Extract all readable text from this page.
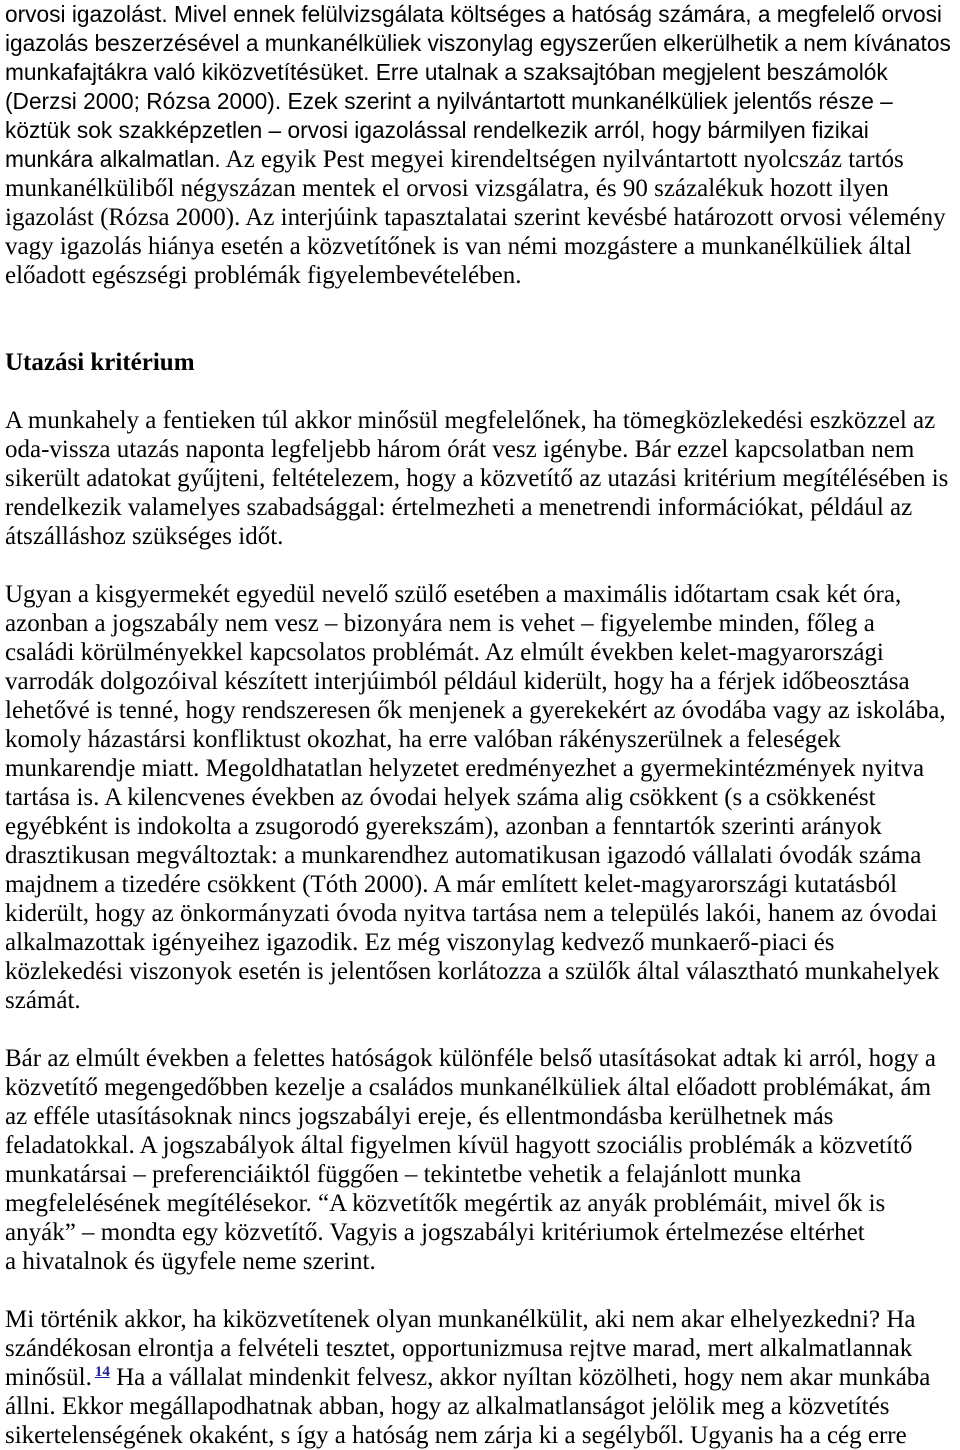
orvosi igazolást. Mivel ennek felülvizsgálata költséges a hatóság számára, a megfelelő orvosi
igazolás beszerzésével a munkanélküliek viszonylag egyszerűen elkerülhetik a nem kívánatos
munkafajtákra való kiközvetítésüket. Erre utalnak a szaksajtóban megjelent beszámolók
(Derzsi 2000; Rózsa 2000). Ezek szerint a nyilvántartott munkanélküliek jelentős része –
köztük sok szakképzetlen – orvosi igazolással rendelkezik arról, hogy bármilyen fizikai
munkára alkalmatlan. Az egyik Pest megyei kirendeltségen nyilvántartott nyolcszáz tartós
munkanélküliből négyszázan mentek el orvosi vizsgálatra, és 90 százalékuk hozott ilyen
igazolást (Rózsa 2000). Az interjúink tapasztalatai szerint kevésbé határozott orvosi vélemény
vagy igazolás hiánya esetén a közvetítőnek is van némi mozgástere a munkanélküliek által
előadott egészségi problémák figyelembevételében.
Utazási kritérium
A munkahely a fentieken túl akkor minősül megfelelőnek, ha tömegközlekedési eszközzel az
oda-vissza utazás naponta legfeljebb három órát vesz igénybe. Bár ezzel kapcsolatban nem
sikerült adatokat gyűjteni, feltételezem, hogy a közvetítő az utazási kritérium megítélésében is
rendelkezik valamelyes szabadsággal: értelmezheti a menetrendi információkat, például az
átszálláshoz szükséges időt.
Ugyan a kisgyermekét egyedül nevelő szülő esetében a maximális időtartam csak két óra,
azonban a jogszabály nem vesz – bizonyára nem is vehet – figyelembe minden, főleg a
családi körülményekkel kapcsolatos problémát. Az elmúlt években kelet-magyarországi
varrodák dolgozóival készített interjúimból például kiderült, hogy ha a férjek időbeosztása
lehetővé is tenné, hogy rendszeresen ők menjenek a gyerekekért az óvodába vagy az iskolába,
komoly házastársi konfliktust okozhat, ha erre valóban rákényszerülnek a feleségek
munkarendje miatt. Megoldhatatlan helyzetet eredményezhet a gyermekintézmények nyitva
tartása is. A kilencvenes években az óvodai helyek száma alig csökkent (s a csökkenést
egyébként is indokolta a zsugorodó gyerekszám), azonban a fenntartók szerinti arányok
drasztikusan megváltoztak: a munkarendhez automatikusan igazodó vállalati óvodák száma
majdnem a tizedére csökkent (Tóth 2000). A már említett kelet-magyarországi kutatásból
kiderült, hogy az önkormányzati óvoda nyitva tartása nem a település lakói, hanem az óvodai
alkalmazottak igényeihez igazodik. Ez még viszonylag kedvező munkaerő-piaci és
közlekedési viszonyok esetén is jelentősen korlátozza a szülők által választható munkahelyek
számát.
Bár az elmúlt években a felettes hatóságok különféle belső utasításokat adtak ki arról, hogy a
közvetítő megengedőbben kezelje a családos munkanélküliek által előadott problémákat, ám
az efféle utasításoknak nincs jogszabályi ereje, és ellentmondásba kerülhetnek más
feladatokkal. A jogszabályok által figyelmen kívül hagyott szociális problémák a közvetítő
munkatársai – preferenciáiktól függően – tekintetbe vehetik a felajánlott munka
megfelelésének megítélésekor. “A közvetítők megértik az anyák problémáit, mivel ők is
anyák” – mondta egy közvetítő. Vagyis a jogszabályi kritériumok értelmezése eltérhet
a hivatalnok és ügyfele neme szerint.
Mi történik akkor, ha kiközvetítenek olyan munkanélkülit, aki nem akar elhelyezkedni? Ha
szándékosan elrontja a felvételi tesztet, opportunizmusa rejtve marad, mert alkalmatlannak
minősül. $^{14}$ Ha a vállalat mindenkit felvesz, akkor nyíltan közölheti, hogy nem akar munkába
állni. Ekkor megállapodhatnak abban, hogy az alkalmatlanságot jelölik meg a közvetítés
sikertelenségének okaként, s így a hatóság nem zárja ki a segélyből. Ugyanis ha a cég erre
